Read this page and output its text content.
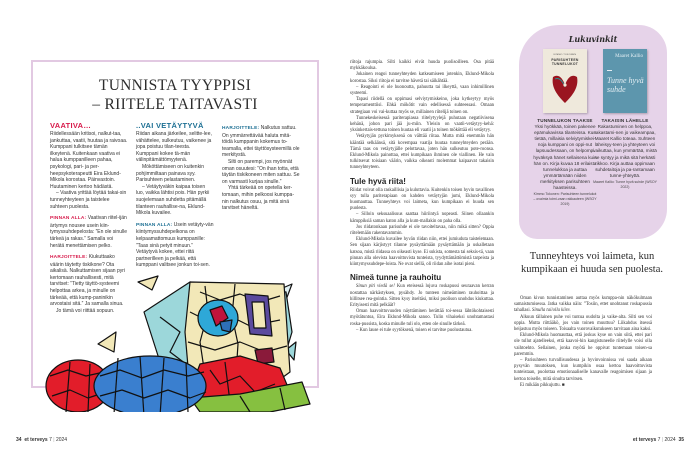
TUNNISTA TYYPPISI
– RIITELE TAITAVASTI
VAATIVA…

Riidellessään kritisoi, nalkut-taa, jankuttaa, vaatii, huutaa ja raivoaa. Kumppani tulkitsee tämän ilkeytenä. Kuitenkaan vaativa ei halua kumppanilleen pahaa, psykologi, pari- ja per-heepsykoterapeutti Eira Eklund-Mikola korostaa. Päinvastoin. Huutaminen kertoo hädästä.

– Vaativa yrittää löytää takai-sin tunneyhteyteen ja taistelee suhteen puolesta.

PINNAN ALLA: Vaativan riitel-ijän ärtymys nousee usein kiin-tymyssuhdepelosta: ”En ole sinulle tärkeä ja rakas.” Samalla voi herätä menettämisen pelko.

HARJOITTELE: Kiukuttaako väärin täytetty tiskikone? Ota aikalisä. Nalkuttamisen sijaan pyri kertomaan rauhallisesti, mitä tarvitset: ”Tietty täyttö-systeemi helpottaa arkea, ja minulle on tärkeää, että kump-paninikin arvostaisi sitä.” Ja samalla sinua.

Jo tämä voi riittää sopuun.

..VAI VETÄYTYVÄ

Riidan aikana järkeilee, selitte-lee, vähättelee, sulkeutuu, vaikenee ja jopa poistuu tilan-teesta. Kumppani kokee tä-män välinpitämättömyytenä.

Mököttämiseen on kuitenkin pohjimmiltaan painava syy. Parisuhteen pelastaminen.

– Vetäytyväkin kaipaa toisen luo, vaikka lähtisi pois. Hän pyrkii suojelemaan suhdetta pitämällä tilanteen rauhallise-na, Eklund-Mikola kuvailee.

PINNAN ALLA: Usein vetäyty-vän kiintymyssuhdepelkona on kelpaamattomuus kumppanille: ”Taas sinä petyit minuun.” Vetäytyvä kokee, ettei riitä partnerilleen ja pelkää, että kumppani valitsee jonkun toi-sen.

HARJOITTELE: Nalkutus sattuu. On ymmärrettävää haluta mitä-töidä kumppanin kokemus to-teamalla, ettei täyttösysteemillä ole merkitystä.

Silti on parempi, jos myönnät oman osuutesi: ”On ihan totta, että täytän tiskikoneen miten sattuu. Se on varmasti kurjaa sinulle.”

Yhtä tärkeää on opetella ker-tomaan, mihin pelkoosi kumppa-nin nalkutus osuu, ja mitä sinä tarvitset häneltä.

34 et terveys 7 | 2024

riitoja rajumpia. Silti kaikki eivät huuda puolisoilleen. Osa pitää mykkäkoulua.

Jokainen reagoi tunneyhteyden katkeamiseen jotenkin, Eklund-Mikola korostaa. Siksi riitoja ei tarvitse hävetä tai säikähtää.

– Reagointi ei ole huonoutta, pahuutta tai ilkeyttä, vaan inhimillinen systeemi.

Tapasi riidellä on oppimasi selviytymiskeino, joka kytkeytyy myös temperamenttiisi. Ehkä mökötit vain edellisessä suhteessasi. Omaan strategiaan voi vai-kuttaa myös se, millainen riitelijä toinen on.

Tunnekeskeisessä pariterapiassa riitelytyylejä puhutaan negatiivisena kehänä, johon pari jää ju-miin. Yleisin on vaatii-vetäytyy-kehä: yksinkertais-tettuna toinen huutaa eli vaatii ja toinen mököttää eli vetäytyy.

Vetäytyjän pyrkimyksenä on välttää riitaa. Mutta mitä enemmän hän kääntää selkäänsä, sitä kovempaa vaatija huutaa tunneyhteyden perään. Tämä taas on vetäytyjälle pelottavaa, joten hän sulkeutuu pote-roonsa. Eklund-Mikola painottaa, ettei kumpikaan ihminen ole viallinen. He vain tulkitsevat toisiaan väärin, vaikka oikeasti molemmat kaipaavat takaisin tunneyhteyteen.

Tule hyvä riita!

Riidat voivat olla raskaillisia ja kuluttavia. Kuitenkin toisen hyvin tavallinen syy tulla pariterapiaan on kahden vetäytyjän jumi, Eklund-Mikola huomauttaa. Tunneyhteys voi laimeta, kun kumpikaan ei huuda sen puolesta.

– Silloin seksuaalisuus saattaa hiiriintyä nopeasti. Siinen ollaankin kämppiksiä saman katon alla ja kum-mallakin on paha olla.

Jos riidatonkaan parisuhde ei ole tavoiteltavaa, niin mikä sitten? Oppia riitelemään rakentavammin.

Eklund-Mikola kuvailee hyvän riidan niin, ettei jumiuduta taistelemaan. Sen sijaan kärjistyyt tilanne pysäyttämään pysäyttämään ja uskalletaan katsoa, mistä riidassa on oikeasti kyse. Ei sukista, somesta tai seksis-tä, vaan pinnan alla olevista haavoittuvista tunteista, tyydyttämättömistä tarpeista ja kiintymyssuhdepe-loista. Ne ovat siellä, oli riidan aihe isotai pieni.

Nimeä tunne ja rauhoitu

Sinun piti viedä se! Kun eteisessä lojuva roskapussi seuraavan kerran nostattaa närkästyksen, pysähdy. Jo tunteen nimeäminen rauhoittaa ja hillitsee rea-gointia. Sitten kysy itseltäsi, miksi puolison unohdus kiukuttaa. Erityisesti mitä pelkäät?

Oman haavoittuvuuden näyttäminen herättää toi-sessa lähtökohtaisesti myötätuntoa, Eira Eklund-Mikola sanoo. Tulin vihaiseksi unohtamastasi roska-pussista, koska minulle tuli olo, etten ole sinulle tärkeä.

– Kun lause ei tule syytöksenä, toisen ei tarvitse puolustautua.

Lukuvinkit
KIMMO TOKONEN
PARISUHTEEN TUNNELUKOT
Maaret Kallio
Tunne hyvä suhde
TUNNELUKON TAAKSE
Yksi hyökkää, toinen pakenee epämukavissa tilanteissa. Kun tietää, millaisia selviytymiskei-noja kumppani on oppi-nut lapsuudessaan, on helpompi hyväksyä hänet sellaisena kuin hän on. Kirja kuvaa 18 erilaista tunnelukkoa ja auttaa ymmärtämään niiden merkityksen parisuhteen haasteissa.
Kimmo Tokonen: Parisuhteen tunnelukot – ovaimia toimi-vaan rakkauteen (WSOY 2019)
TAKAISIN LÄHELLE
Rakastuminen on helppoa, rakastami-nen jo vaikeampaa, Maaret Kallio toteaa. Suhteen läheisyy-teen ja yhteyteen voi vaikuttaa, kun ymmärtää, mistä se syntyy ja mikä sitä herkästi rikkoo. Kirja auttaa oppimaan suhdetaitoja ja pa-rantamaan tunne-yhteyttä.
Maaret Kallio: Tunne hyvä suhde (WSOY 2022)
Tunneyhteys voi laimeta, kun kumpikaan ei huuda sen puolesta.

Oman kivun tunnistaminen auttaa myös kumppa-nin näkökulmaan samaistumisessa. Jatka vaikka näin: ”Tosiin, ettet unohtanut roskapussia tahallasi. Sinulla tai/olla kiire.

Alkuun tällainen puhe voi tuntua oudolta ja vaike-alta. Silti sen voi oppia. Mutta riittääkö, jos vain toinen muuttuu? Liikahdus itsessä heijastuu myös toiseen. Toisaalta vuorovaikutukseen tarvitaan aina kaksi.

Eklund-Mikola huomauttaa, että joskus kyse on vain siitä, ettei pari ole tullut ajatelleeksi, että kaavoi-hin kangistuneelle riitelylle voisi olla vaihtoehto. Sellainen, jonka myötä he oppivat tuntemaan toisen-sa paremmin.

– Parisuhteen turvallisuudessa ja hyvinvoinnissa voi saada aikaan pysyvän muutoksen, kun kumpikin osaa kertoa haavoittuvista tunteistaan, puolottaa emotionaaliselle kanavalle reagoimisen sijaan ja kertoa toiselle, mitä sinulta tarvitsen.

Ei mikään pikkujuttu. ■

et terveys 7 | 2024 35
